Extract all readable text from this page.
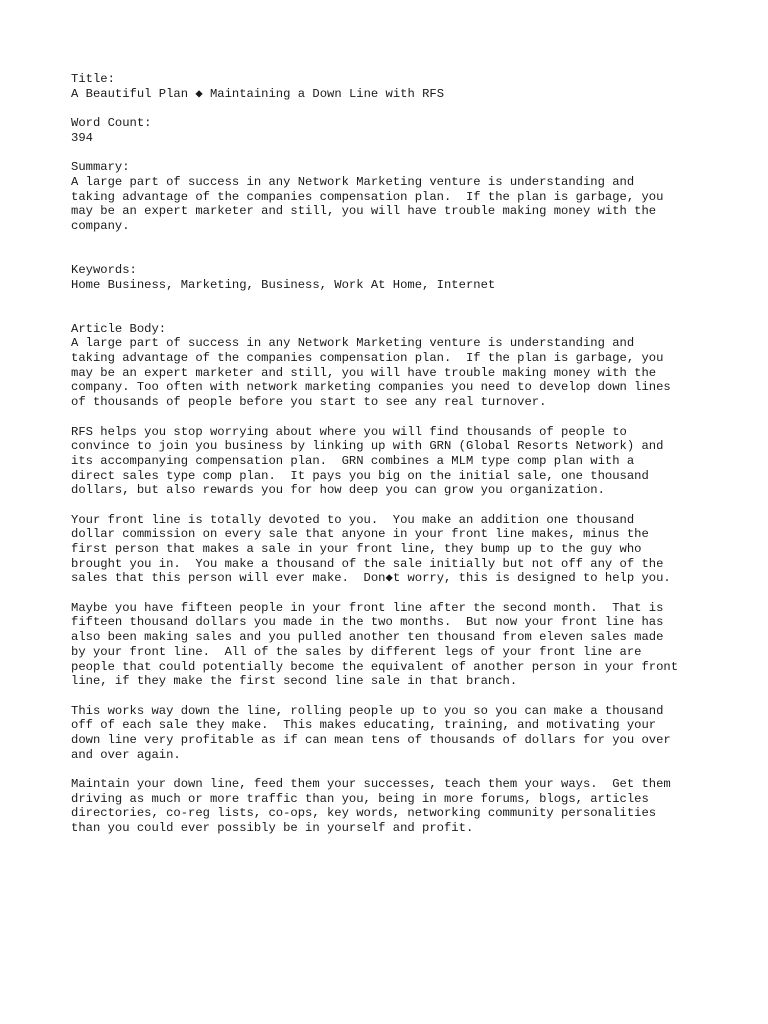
Title:
A Beautiful Plan ◆ Maintaining a Down Line with RFS
Word Count:
394
Summary:
A large part of success in any Network Marketing venture is understanding and
taking advantage of the companies compensation plan.  If the plan is garbage, you
may be an expert marketer and still, you will have trouble making money with the
company.
Keywords:
Home Business, Marketing, Business, Work At Home, Internet
Article Body:
A large part of success in any Network Marketing venture is understanding and
taking advantage of the companies compensation plan.  If the plan is garbage, you
may be an expert marketer and still, you will have trouble making money with the
company. Too often with network marketing companies you need to develop down lines
of thousands of people before you start to see any real turnover.
RFS helps you stop worrying about where you will find thousands of people to
convince to join you business by linking up with GRN (Global Resorts Network) and
its accompanying compensation plan.  GRN combines a MLM type comp plan with a
direct sales type comp plan.  It pays you big on the initial sale, one thousand
dollars, but also rewards you for how deep you can grow you organization.
Your front line is totally devoted to you.  You make an addition one thousand
dollar commission on every sale that anyone in your front line makes, minus the
first person that makes a sale in your front line, they bump up to the guy who
brought you in.  You make a thousand of the sale initially but not off any of the
sales that this person will ever make.  Don◆t worry, this is designed to help you.
Maybe you have fifteen people in your front line after the second month.  That is
fifteen thousand dollars you made in the two months.  But now your front line has
also been making sales and you pulled another ten thousand from eleven sales made
by your front line.  All of the sales by different legs of your front line are
people that could potentially become the equivalent of another person in your front
line, if they make the first second line sale in that branch.
This works way down the line, rolling people up to you so you can make a thousand
off of each sale they make.  This makes educating, training, and motivating your
down line very profitable as if can mean tens of thousands of dollars for you over
and over again.
Maintain your down line, feed them your successes, teach them your ways.  Get them
driving as much or more traffic than you, being in more forums, blogs, articles
directories, co-reg lists, co-ops, key words, networking community personalities
than you could ever possibly be in yourself and profit.
